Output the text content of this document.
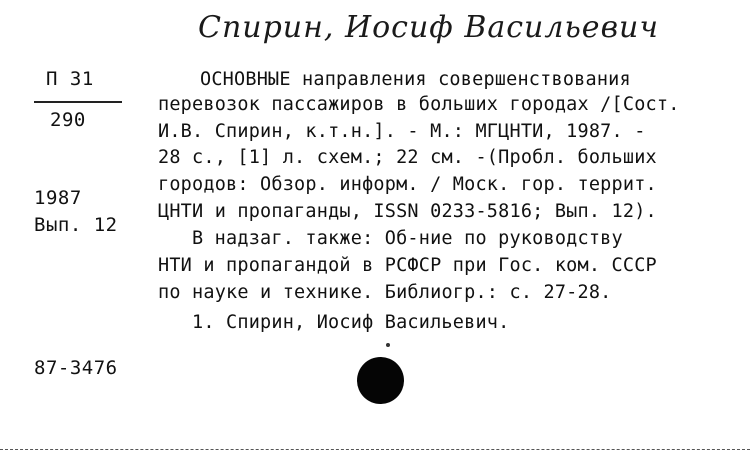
Спирин, Иосиф Васильевич
П 31
290
1987
Вып. 12
87-3476
ОСНОВНЫЕ направления совершенствования
перевозок пассажиров в больших городах /[Сост.
И.В. Спирин, к.т.н.]. - М.: МГЦНТИ, 1987. -
28 с., [1] л. схем.; 22 см. -(Пробл. больших
городов: Обзор. информ. / Моск. гор. террит.
ЦНТИ и пропаганды, ISSN 0233-5816; Вып. 12).
В надзаг. также: Об-ние по руководству
НТИ и пропагандой в РСФСР при Гос. ком. СССР
по науке и технике. Библиогр.: с. 27-28.
1. Спирин, Иосиф Васильевич.
